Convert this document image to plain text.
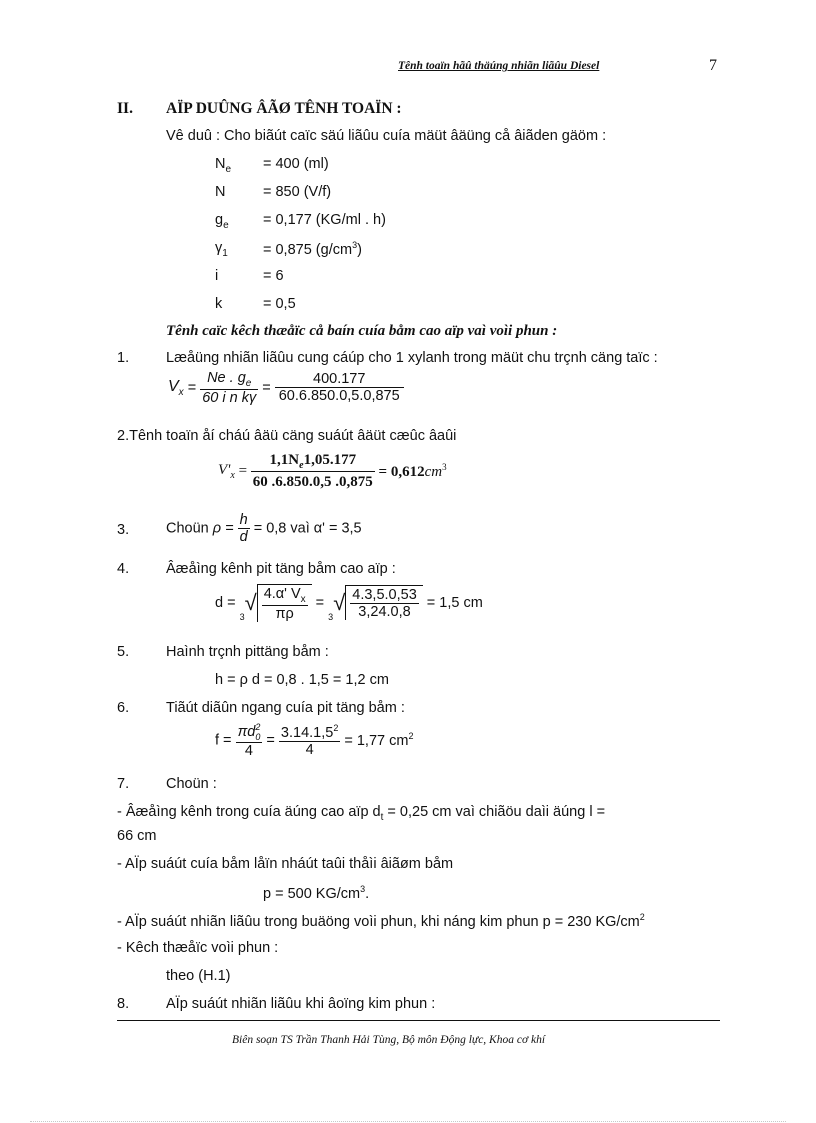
Tênh toaïn hãû thäúng nhiãn liãûu Diesel	7
II. AÏP DUÛNG ÂÃØ TÊNH TOAÏN :
Vê duû : Cho biãút caïc säú liãûu cuía mäüt âäüng cå âiãden gäöm :
$N_e = 400$ (ml)
N	= 850 (V/f)
$g_e = 0,177$ (KG/ml . h)
$\gamma_1 = 0,875$ $(g/cm^3)$
i	= 6
k	= 0,5
Tênh caïc kêch thæåïc cå baín cuía båm cao aïp vaì voìi phun :
1.	Læåüng nhiãn liãûu cung cáúp cho 1 xylanh trong mäüt chu trçnh cäng taïc :
$V_x = \frac{Ne . g_e}{\text{60 i n kγ}} = \frac{400.177}{60.6.850.0,5.0,875}$
2.Tênh toaïn åí cháú âäü cäng suáút âäüt cæûc âaûi
$V'_x = \frac{1,1N_e1,05.177}{60 .6.850.0,5 .0,875} = 0,612cm^3$
3.	Choün $\rho = \frac{h}{d} = 0,8$ vaì α' = 3,5
4.	Âæåìng kênh pit täng båm cao aïp :
$d = 3√ \frac{4.\alpha' V_x}{\pi\rho} = 3√ \frac{4.3,5.0,53}{3,24.0,8} = 1,5$ cm
5.	Haình trçnh pittäng båm :
h = ρ d = 0,8 . 1,5 = 1,2 cm
6.	Tiãút diãûn ngang cuía pit täng båm :
$f = \frac{\pi d^2_0}{4} = \frac{3.14.1,5^2}{4} = 1,77$ $cm^2$
7.	Choün :
- Âæåìng kênh trong cuía äúng cao aïp $d_t = 0,25$ cm vaì chiãöu daìi äúng l =
66 cm
- AÏp suáút cuía båm låïn nháút taûi thåìi âiãøm båm
p = 500 $KG/cm^3$.
- AÏp suáút nhiãn liãûu trong buäöng voìi phun, khi náng kim phun p = 230 $KG/cm^2$
- Kêch thæåïc voìi phun :
theo (H.1)
8.	AÏp suáút nhiãn liãûu khi âoïng kim phun :
Biên soạn TS Trần Thanh Hải Tùng, Bộ môn Động lực, Khoa cơ khí
